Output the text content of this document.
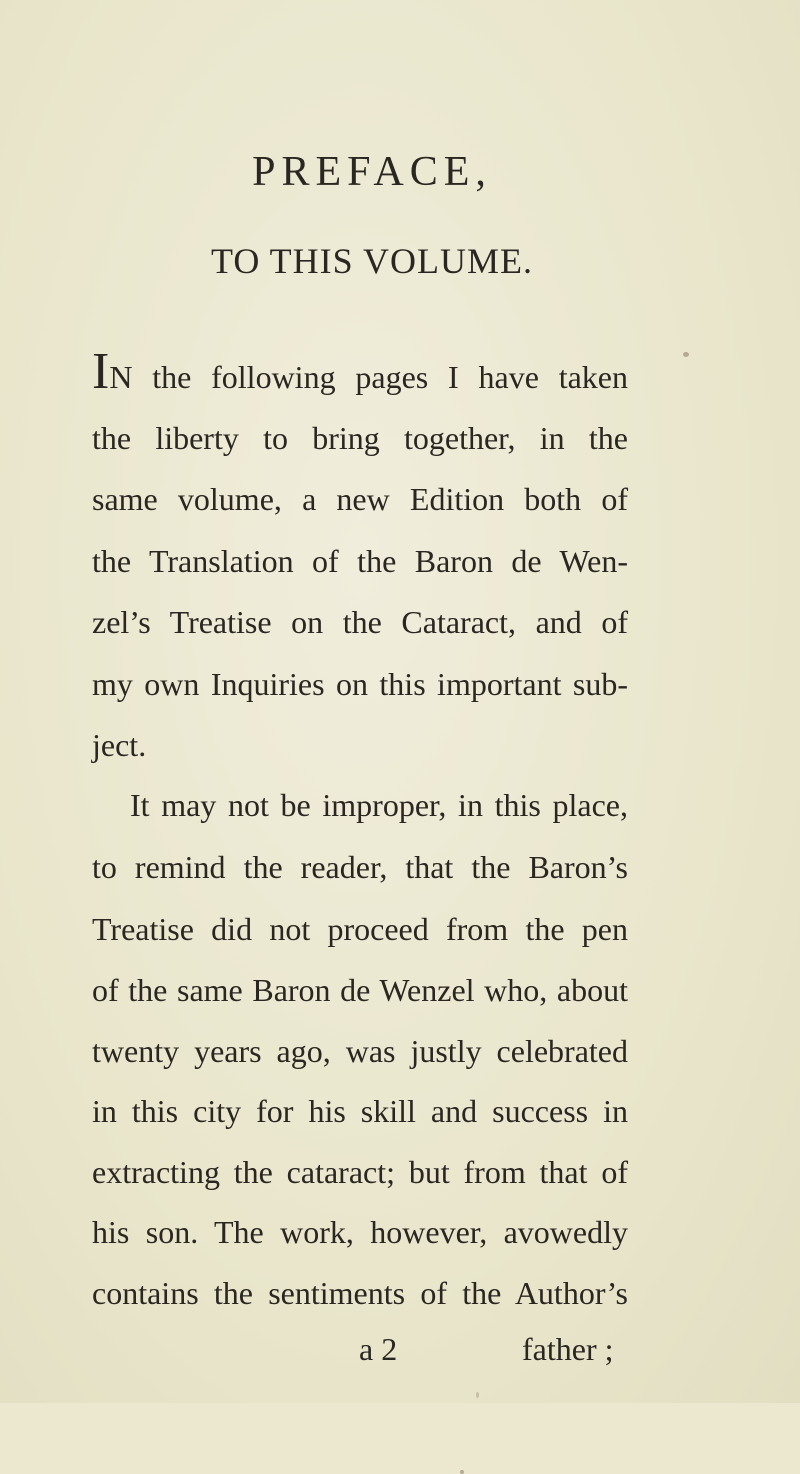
PREFACE,
TO THIS VOLUME.
IN the following pages I have taken
the liberty to bring together, in the
same volume, a new Edition both of
the Translation of the Baron de Wen-
zel’s Treatise on the Cataract, and of
my own Inquiries on this important sub-
ject.
It may not be improper, in this place,
to remind the reader, that the Baron’s
Treatise did not proceed from the pen
of the same Baron de Wenzel who, about
twenty years ago, was justly celebrated
in this city for his skill and success in
extracting the cataract; but from that of
his son. The work, however, avowedly
contains the sentiments of the Author’s
a 2	father ;
